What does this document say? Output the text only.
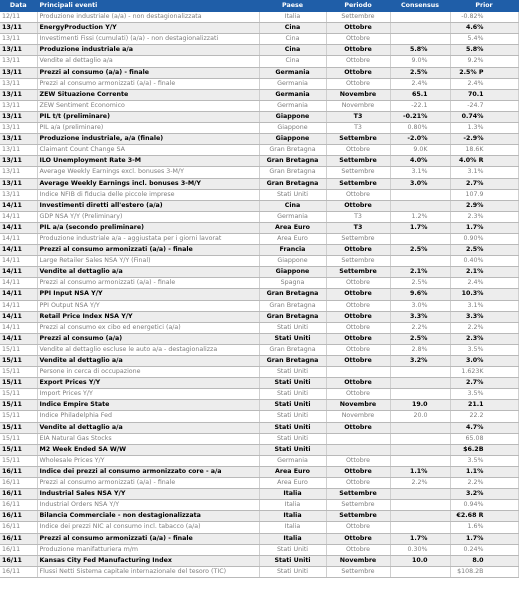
Data	Principali eventi	Paese	Periodo	Consensus	Prior
12/11	Produzione industriale (a/a) - non destagionalizzata	Italia	Settembre		-0.82%
13/11	EnergyProduction Y/Y	Cina	Ottobre		4.6%
13/11	Investimenti Fissi (cumulati) (a/a) - non destagionalizzati	Cina	Ottobre		5.4%
13/11	Produzione industriale a/a	Cina	Ottobre	5.8%	5.8%
13/11	Vendite al dettaglio a/a	Cina	Ottobre	9.0%	9.2%
13/11	Prezzi al consumo (a/a) - finale	Germania	Ottobre	2.5%	2.5% P
13/11	Prezzi al consumo armonizzati (a/a) - finale	Germania	Ottobre	2.4%	2.4%
13/11	ZEW Situazione Corrente	Germania	Novembre	65.1	70.1
13/11	ZEW Sentiment Economico	Germania	Novembre	-22.1	-24.7
13/11	PIL t/t (preliminare)	Giappone	T3	-0.21%	0.74%
13/11	PIL a/a (preliminare)	Giappone	T3	0.80%	1.3%
13/11	Produzione industriale, a/a (finale)	Giappone	Settembre	-2.0%	-2.9%
13/11	Claimant Count Change SA	Gran Bretagna	Ottobre	9.0K	18.6K
13/11	ILO Unemployment Rate 3-M	Gran Bretagna	Settembre	4.0%	4.0% R
13/11	Average Weekly Earnings excl. bonuses 3-M/Y	Gran Bretagna	Settembre	3.1%	3.1%
13/11	Average Weekly Earnings incl. bonuses 3-M/Y	Gran Bretagna	Settembre	3.0%	2.7%
13/11	Indice NFIB di fiducia delle piccole imprese	Stati Uniti	Ottobre		107.9
14/11	Investimenti diretti all'estero (a/a)	Cina	Ottobre		2.9%
14/11	GDP NSA Y/Y (Preliminary)	Germania	T3	1.2%	2.3%
14/11	PIL a/a (secondo preliminare)	Area Euro	T3	1.7%	1.7%
14/11	Produzione industriale a/a - aggiustata per i giorni lavorat	Area Euro	Settembre		0.90%
14/11	Prezzi al consumo armonizzati (a/a) - finale	Francia	Ottobre	2.5%	2.5%
14/11	Large Retailer Sales NSA Y/Y (Final)	Giappone	Settembre		0.40%
14/11	Vendite al dettaglio a/a	Giappone	Settembre	2.1%	2.1%
14/11	Prezzi al consumo armonizzati (a/a) - finale	Spagna	Ottobre	2.5%	2.4%
14/11	PPI Input NSA Y/Y	Gran Bretagna	Ottobre	9.6%	10.3%
14/11	PPI Output NSA Y/Y	Gran Bretagna	Ottobre	3.0%	3.1%
14/11	Retail Price Index NSA Y/Y	Gran Bretagna	Ottobre	3.3%	3.3%
14/11	Prezzi al consumo ex cibo ed energetici (a/a)	Stati Uniti	Ottobre	2.2%	2.2%
14/11	Prezzi al consumo (a/a)	Stati Uniti	Ottobre	2.5%	2.3%
15/11	Vendite al dettaglio escluse le auto a/a - destagionalizza	Gran Bretagna	Ottobre	2.8%	3.5%
15/11	Vendite al dettaglio a/a	Gran Bretagna	Ottobre	3.2%	3.0%
15/11	Persone in cerca di occupazione	Stati Uniti			1.623K
15/11	Export Prices Y/Y	Stati Uniti	Ottobre		2.7%
15/11	Import Prices Y/Y	Stati Uniti	Ottobre		3.5%
15/11	Indice Empire State	Stati Uniti	Novembre	19.0	21.1
15/11	Indice Philadelphia Fed	Stati Uniti	Novembre	20.0	22.2
15/11	Vendite al dettaglio a/a	Stati Uniti	Ottobre		4.7%
15/11	EIA Natural Gas Stocks	Stati Uniti			65.08
15/11	M2 Week Ended SA W/W	Stati Uniti			$6.2B
15/11	Wholesale Prices Y/Y	Germania	Ottobre		3.5%
16/11	Indice dei prezzi al consumo armonizzato core - a/a	Area Euro	Ottobre	1.1%	1.1%
16/11	Prezzi al consumo armonizzati (a/a) - finale	Area Euro	Ottobre	2.2%	2.2%
16/11	Industrial Sales NSA Y/Y	Italia	Settembre		3.2%
16/11	Industrial Orders NSA Y/Y	Italia	Settembre		0.94%
16/11	Bilancia Commerciale - non destagionalizzata	Italia	Settembre		€2.68 R
16/11	Indice dei prezzi NIC al consumo incl. tabacco (a/a)	Italia	Ottobre		1.6%
16/11	Prezzi al consumo armonizzati (a/a) - finale	Italia	Ottobre	1.7%	1.7%
16/11	Produzione manifatturiera m/m	Stati Uniti	Ottobre	0.30%	0.24%
16/11	Kansas City Fed Manufacturing Index	Stati Uniti	Novembre	10.0	8.0
16/11	Flussi Netti Sistema capitale internazionale del tesoro (TIC)	Stati Uniti	Settembre		$108.2B
